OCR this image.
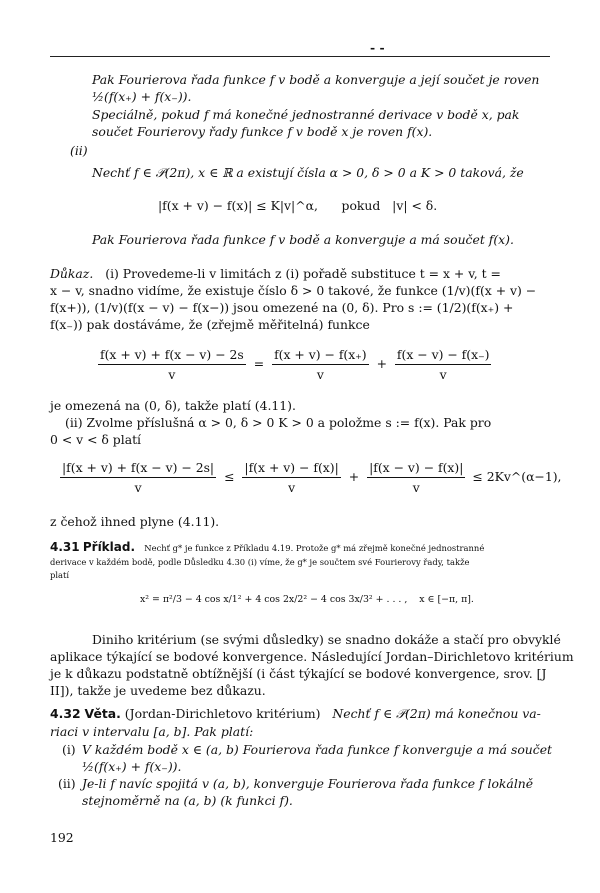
- -
Pak Fourierova řada funkce f v bodě a konverguje a její součet je roven
½(f(x₊) + f(x₋)).
Speciálně, pokud f má konečné jednostranné derivace v bodě x, pak
součet Fourierovy řady funkce f v bodě x je roven f(x).
(ii)
Nechť f ∈ 𝒫(2π), x ∈ ℝ a existují čísla α > 0, δ > 0 a K > 0 taková, že
|f(x + v) − f(x)| ≤ K|v|^α,      pokud   |v| < δ.
Pak Fourierova řada funkce f v bodě a konverguje a má součet f(x).
Důkaz. (i) Provedeme-li v limitách z (i) pořadě substituce t = x + v, t =
x − v, snadno vidíme, že existuje číslo δ > 0 takové, že funkce (1/v)(f(x + v) −
f(x+)), (1/v)(f(x − v) − f(x−)) jsou omezené na (0, δ). Pro s := (1/2)(f(x₊) +
f(x₋)) pak dostáváme, že (zřejmě měřitelná) funkce
$\frac{f(x + v) + f(x - v) - 2s}{v} = \frac{f(x + v) - f(x_+)}{v} + \frac{f(x - v) - f(x_-)}{v}$
je omezená na (0, δ), takže platí (4.11).
(ii) Zvolme příslušná α > 0, δ > 0 K > 0 a položme s := f(x). Pak pro
0 < v < δ platí
$\frac{|f(x + v) + f(x - v) - 2s|}{v} \le \frac{|f(x + v) - f(x)|}{v} + \frac{|f(x - v) - f(x)|}{v}$ ≤ 2Kv^(α−1),
z čehož ihned plyne (4.11).
4.31 Příklad. Nechť g* je funkce z Příkladu 4.19. Protože g* má zřejmě konečné jednostranné
derivace v každém bodě, podle Důsledku 4.30 (i) víme, že g* je součtem své Fourierovy řady, takže
platí
x² = π²/3 − 4 cos x/1² + 4 cos 2x/2² − 4 cos 3x/3² + . . . ,    x ∈ [−π, π].
Diniho kritérium (se svými důsledky) se snadno dokáže a stačí pro obvyklé
aplikace týkající se bodové konvergence. Následující Jordan–Dirichletovo kritérium
je k důkazu podstatně obtížnější (i část týkající se bodové konvergence, srov. [J
II]), takže je uvedeme bez důkazu.
4.32 Věta. (Jordan-Dirichletovo kritérium) Nechť f ∈ 𝒫(2π) má konečnou va-
riaci v intervalu [a, b]. Pak platí:
(i) V každém bodě x ∈ (a, b) Fourierova řada funkce f konverguje a má součet
½(f(x₊) + f(x₋)).
(ii) Je-li f navíc spojitá v (a, b), konverguje Fourierova řada funkce f lokálně
stejnoměrně na (a, b) (k funkci f).
192
